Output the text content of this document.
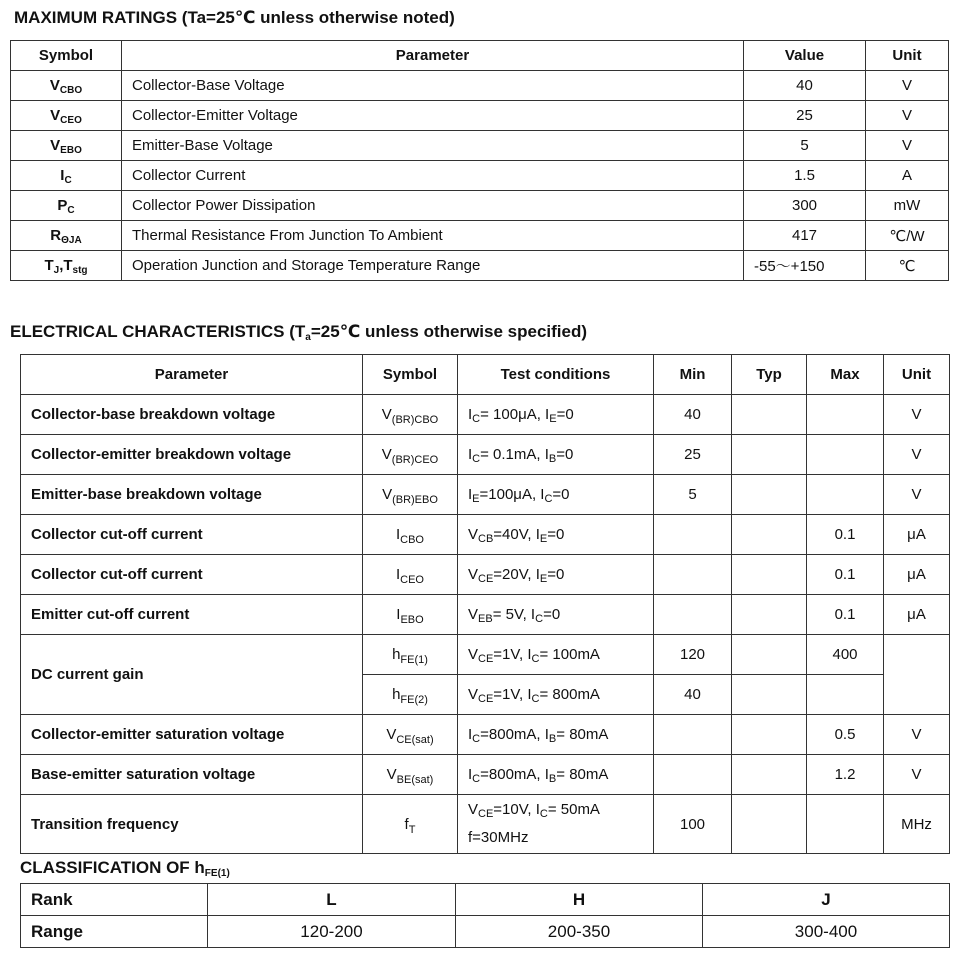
MAXIMUM RATINGS (Ta=25℃ unless otherwise noted)
Symbol	Parameter	Value	Unit
$V_{CBO}$	Collector-Base Voltage	40	V
$V_{CEO}$	Collector-Emitter Voltage	25	V
$V_{EBO}$	Emitter-Base Voltage	5	V
$I_C$	Collector Current	1.5	A
$P_C$	Collector Power Dissipation	300	mW
$R_{\Theta JA}$	Thermal Resistance From Junction To Ambient	417	℃/W
$T_J,T_{stg}$	Operation Junction and Storage Temperature Range	-55～+150	℃
ELECTRICAL CHARACTERISTICS ($T_a=25℃$ unless otherwise specified)
Parameter	Symbol	Test conditions	Min	Typ	Max	Unit
Collector-base breakdown voltage	$V_{(BR)CBO}$	$I_C= 100\mu A$, $I_E=0$	40			V
Collector-emitter breakdown voltage	$V_{(BR)CEO}$	$I_C= 0.1mA$, $I_B=0$	25			V
Emitter-base breakdown voltage	$V_{(BR)EBO}$	$I_E=100\mu A$, $I_C=0$	5			V
Collector cut-off current	$I_{CBO}$	$V_{CB}=40V$, $I_E=0$			0.1	μA
Collector cut-off current	$I_{CEO}$	$V_{CE}=20V$, $I_E=0$			0.1	μA
Emitter cut-off current	$I_{EBO}$	$V_{EB}= 5V$, $I_C=0$			0.1	μA
DC current gain	$h_{FE(1)}$	$V_{CE}=1V$, $I_C= 100mA$	120		400	
	$h_{FE(2)}$	$V_{CE}=1V$, $I_C= 800mA$	40			
Collector-emitter saturation voltage	$V_{CE(sat)}$	$I_C=800mA$, $I_B= 80mA$			0.5	V
Base-emitter saturation voltage	$V_{BE(sat)}$	$I_C=800mA$, $I_B= 80mA$			1.2	V
Transition frequency	$f_T$	$V_{CE}=10V$, $I_C= 50mA$
f=30MHz	100			MHz
CLASSIFICATION OF $h_{FE(1)}$
Rank	L	H	J
Range	120-200	200-350	300-400
